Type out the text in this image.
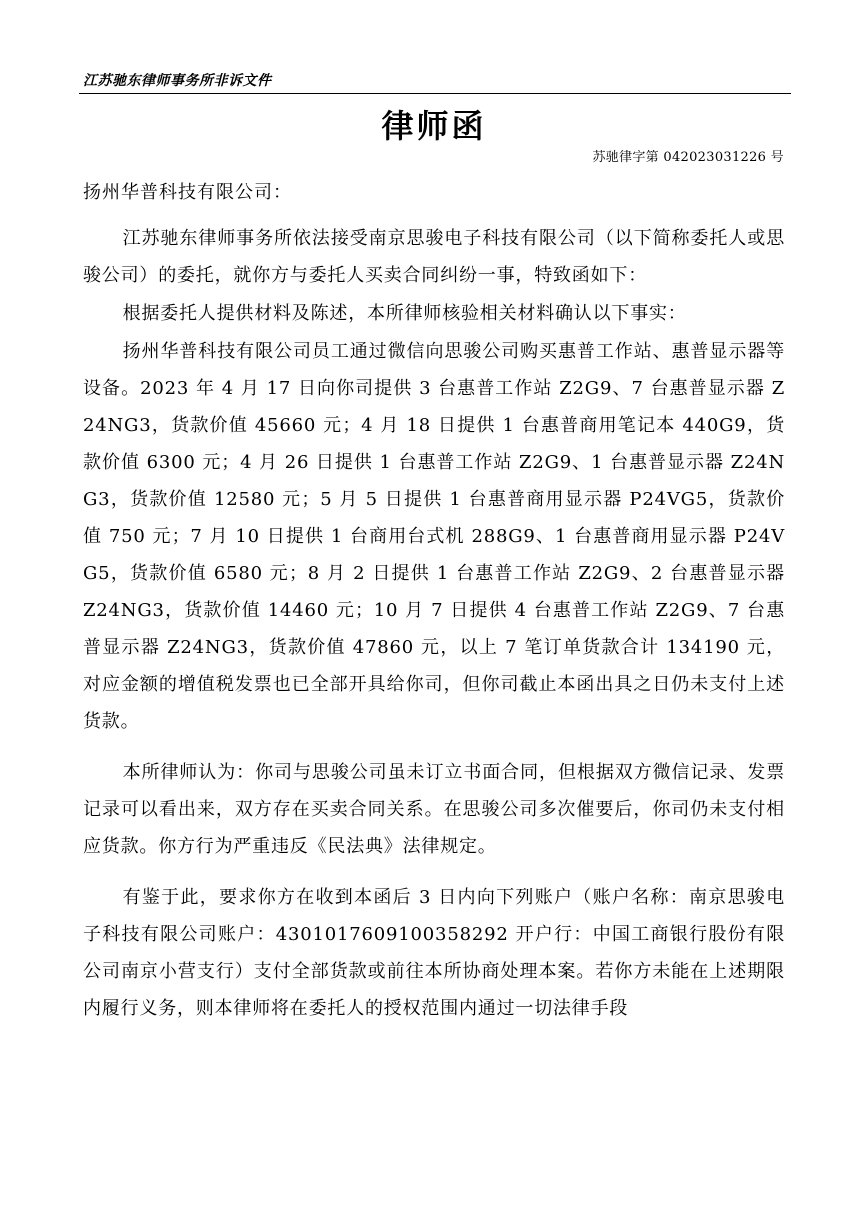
江苏驰东律师事务所非诉文件
律师函
苏驰律字第 042023031226 号
扬州华普科技有限公司：

江苏驰东律师事务所依法接受南京思骏电子科技有限公司（以下简称委托人或思骏公司）的委托，就你方与委托人买卖合同纠纷一事，特致函如下：

根据委托人提供材料及陈述，本所律师核验相关材料确认以下事实：

扬州华普科技有限公司员工通过微信向思骏公司购买惠普工作站、惠普显示器等设备。2023 年 4 月 17 日向你司提供 3 台惠普工作站 Z2G9、7 台惠普显示器 Z24NG3，货款价值 45660 元；4 月 18 日提供 1 台惠普商用笔记本 440G9，货款价值 6300 元；4 月 26 日提供 1 台惠普工作站 Z2G9、1 台惠普显示器 Z24NG3，货款价值 12580 元；5 月 5 日提供 1 台惠普商用显示器 P24VG5，货款价值 750 元；7 月 10 日提供 1 台商用台式机 288G9、1 台惠普商用显示器 P24VG5，货款价值 6580 元；8 月 2 日提供 1 台惠普工作站 Z2G9、2 台惠普显示器 Z24NG3，货款价值 14460 元；10 月 7 日提供 4 台惠普工作站 Z2G9、7 台惠普显示器 Z24NG3，货款价值 47860 元，以上 7 笔订单货款合计 134190 元，对应金额的增值税发票也已全部开具给你司，但你司截止本函出具之日仍未支付上述货款。

本所律师认为：你司与思骏公司虽未订立书面合同，但根据双方微信记录、发票记录可以看出来，双方存在买卖合同关系。在思骏公司多次催要后，你司仍未支付相应货款。你方行为严重违反《民法典》法律规定。

有鉴于此，要求你方在收到本函后 3 日内向下列账户（账户名称：南京思骏电子科技有限公司账户：4301017609100358292 开户行：中国工商银行股份有限公司南京小营支行）支付全部货款或前往本所协商处理本案。若你方未能在上述期限内履行义务，则本律师将在委托人的授权范围内通过一切法律手段
